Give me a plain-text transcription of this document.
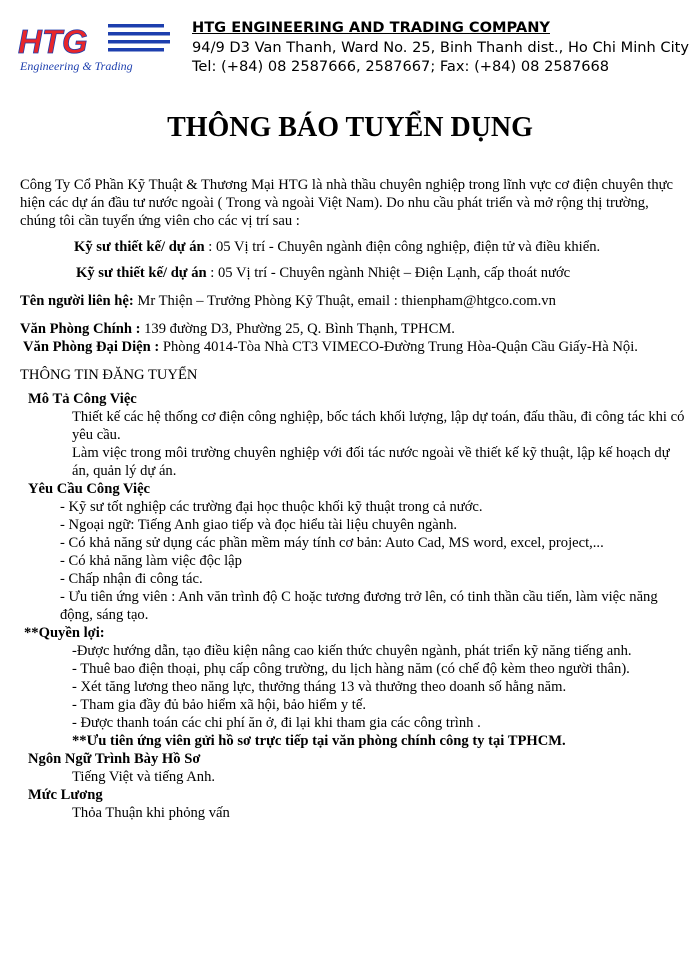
HTG
Engineering & Trading
HTG ENGINEERING AND TRADING COMPANY
94/9 D3 Van Thanh, Ward No. 25, Binh Thanh dist., Ho Chi Minh City
Tel: (+84) 08 2587666, 2587667; Fax: (+84) 08 2587668
THÔNG BÁO TUYỂN DỤNG

Công Ty Cổ Phần Kỹ Thuật & Thương Mại HTG là nhà thầu chuyên nghiệp trong lĩnh vực cơ điện chuyên thực hiện các dự án đầu tư nước ngoài ( Trong và ngoài Việt Nam). Do nhu cầu phát triển và mở rộng thị trường, chúng tôi cần tuyển ứng viên cho các vị trí sau :

Kỹ sư thiết kế/ dự án : 05 Vị trí - Chuyên ngành điện công nghiệp, điện tử và điều khiển.

Kỹ sư thiết kế/ dự án : 05 Vị trí - Chuyên ngành Nhiệt – Điện Lạnh, cấp thoát nước

Tên người liên hệ: Mr Thiện – Trưởng Phòng Kỹ Thuật, email : thienpham@htgco.com.vn

Văn Phòng Chính : 139 đường D3, Phường 25, Q. Bình Thạnh, TPHCM.

Văn Phòng Đại Diện : Phòng 4014-Tòa Nhà CT3 VIMECO-Đường Trung Hòa-Quận Cầu Giấy-Hà Nội.

THÔNG TIN ĐĂNG TUYỂN

Mô Tả Công Việc

Thiết kế các hệ thống cơ điện công nghiệp, bốc tách khối lượng, lập dự toán, đấu thầu, đi công tác khi có yêu cầu.

Làm việc trong môi trường chuyên nghiệp với đối tác nước ngoài về thiết kế kỹ thuật, lập kế hoạch dự án, quản lý dự án.

Yêu Cầu Công Việc

- Kỹ sư tốt nghiệp các trường đại học thuộc khối kỹ thuật trong cả nước.

- Ngoại ngữ: Tiếng Anh giao tiếp và đọc hiểu tài liệu chuyên ngành.

- Có khả năng sử dụng các phần mềm máy tính cơ bản: Auto Cad, MS word, excel, project,...

- Có khả năng làm việc độc lập

- Chấp nhận đi công tác.

- Ưu tiên ứng viên : Anh văn trình độ C hoặc tương đương trở lên, có tinh thần cầu tiến, làm việc năng động, sáng tạo.

**Quyền lợi:

-Được hướng dẫn, tạo điều kiện nâng cao kiến thức chuyên ngành, phát triển kỹ năng tiếng anh.

- Thuê bao điện thoại, phụ cấp công trường, du lịch hàng năm (có chế độ kèm theo người thân).

- Xét tăng lương theo năng lực, thưởng tháng 13 và thưởng theo doanh số hằng năm.

- Tham gia đầy đủ bảo hiểm xã hội, bảo hiểm y tế.

- Được thanh toán các chi phí ăn ở, đi lại khi tham gia các công trình .

**Ưu tiên ứng viên gửi hồ sơ trực tiếp tại văn phòng chính công ty tại TPHCM.

Ngôn Ngữ Trình Bày Hồ Sơ

Tiếng Việt và tiếng Anh.

Mức Lương

Thỏa Thuận khi phỏng vấn
